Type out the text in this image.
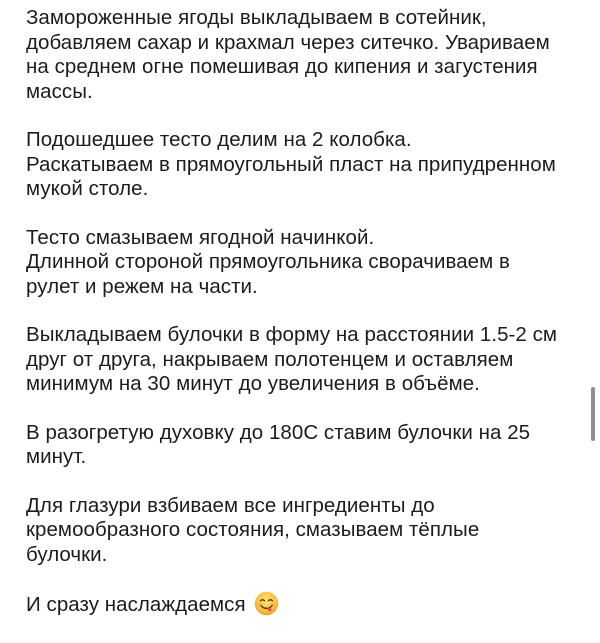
Замороженные ягоды выкладываем в сотейник,
добавляем сахар и крахмал через ситечко. Увариваем
на среднем огне помешивая до кипения и загустения
массы.

Подошедшее тесто делим на 2 колобка.
Раскатываем в прямоугольный пласт на припудренном
мукой столе.

Тесто смазываем ягодной начинкой.
Длинной стороной прямоугольника сворачиваем в
рулет и режем на части.

Выкладываем булочки в форму на расстоянии 1.5-2 см
друг от друга, накрываем полотенцем и оставляем
минимум на 30 минут до увеличения в объёме.

В разогретую духовку до 180С ставим булочки на 25
минут.

Для глазури взбиваем все ингредиенты до
кремообразного состояния, смазываем тёплые
булочки.

И сразу наслаждаемся
